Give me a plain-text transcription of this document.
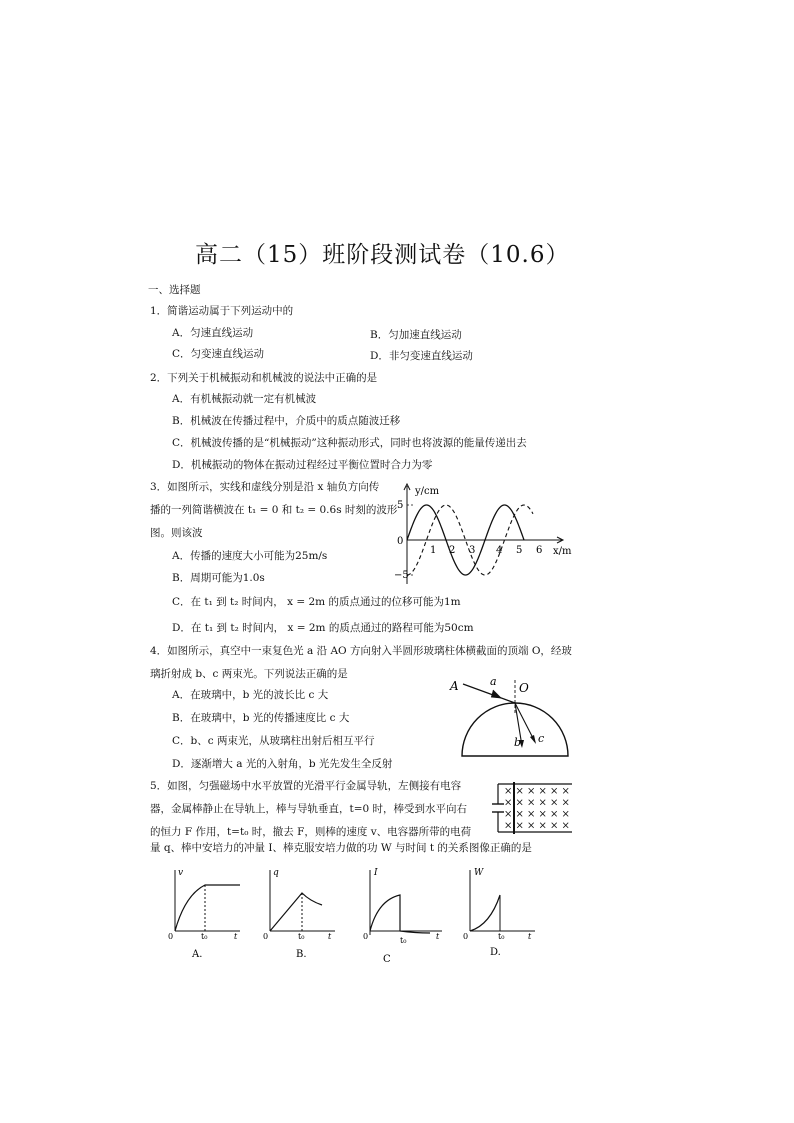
高二（15）班阶段测试卷（10.6）
一、选择题
1．简谐运动属于下列运动中的
A．匀速直线运动	B．匀加速直线运动
C．匀变速直线运动	D．非匀变速直线运动
2．下列关于机械振动和机械波的说法中正确的是
A．有机械振动就一定有机械波
B．机械波在传播过程中，介质中的质点随波迁移
C．机械波传播的是“机械振动”这种振动形式，同时也将波源的能量传递出去
D．机械振动的物体在振动过程经过平衡位置时合力为零
3．如图所示，实线和虚线分别是沿 x 轴负方向传
播的一列简谐横波在 t₁ = 0 和 t₂ = 0.6s 时刻的波形
图。则该波
A．传播的速度大小可能为25m/s
B．周期可能为1.0s
C．在 t₁ 到 t₂ 时间内， x = 2m 的质点通过的位移可能为1m
D．在 t₁ 到 t₂ 时间内， x = 2m 的质点通过的路程可能为50cm
y/cm
x/m
5
−5
0
1 2 3 4 5 6
4．如图所示，真空中一束复色光 a 沿 AO 方向射入半圆形玻璃柱体横截面的顶端 O，经玻
璃折射成 b、c 两束光。下列说法正确的是
A．在玻璃中，b 光的波长比 c 大
B．在玻璃中，b 光的传播速度比 c 大
C．b、c 两束光，从玻璃柱出射后相互平行
D．逐渐增大 a 光的入射角，b 光先发生全反射
A	a O
b c
5．如图，匀强磁场中水平放置的光滑平行金属导轨，左侧接有电容
器，金属棒静止在导轨上，棒与导轨垂直，t=0 时，棒受到水平向右
的恒力 F 作用，t=t₀ 时，撤去 F，则棒的速度 v、电容器所带的电荷
量 q、棒中安培力的冲量 I、棒克服安培力做的功 W 与时间 t 的关系图像正确的是
× × × × × ×
× × × × × ×
× × × × × ×
× × × × × ×
v
0	t₀	t
A.
q
0	t₀	t
B.
I
0	t₀	t
C
W
0	t₀	t
D.
